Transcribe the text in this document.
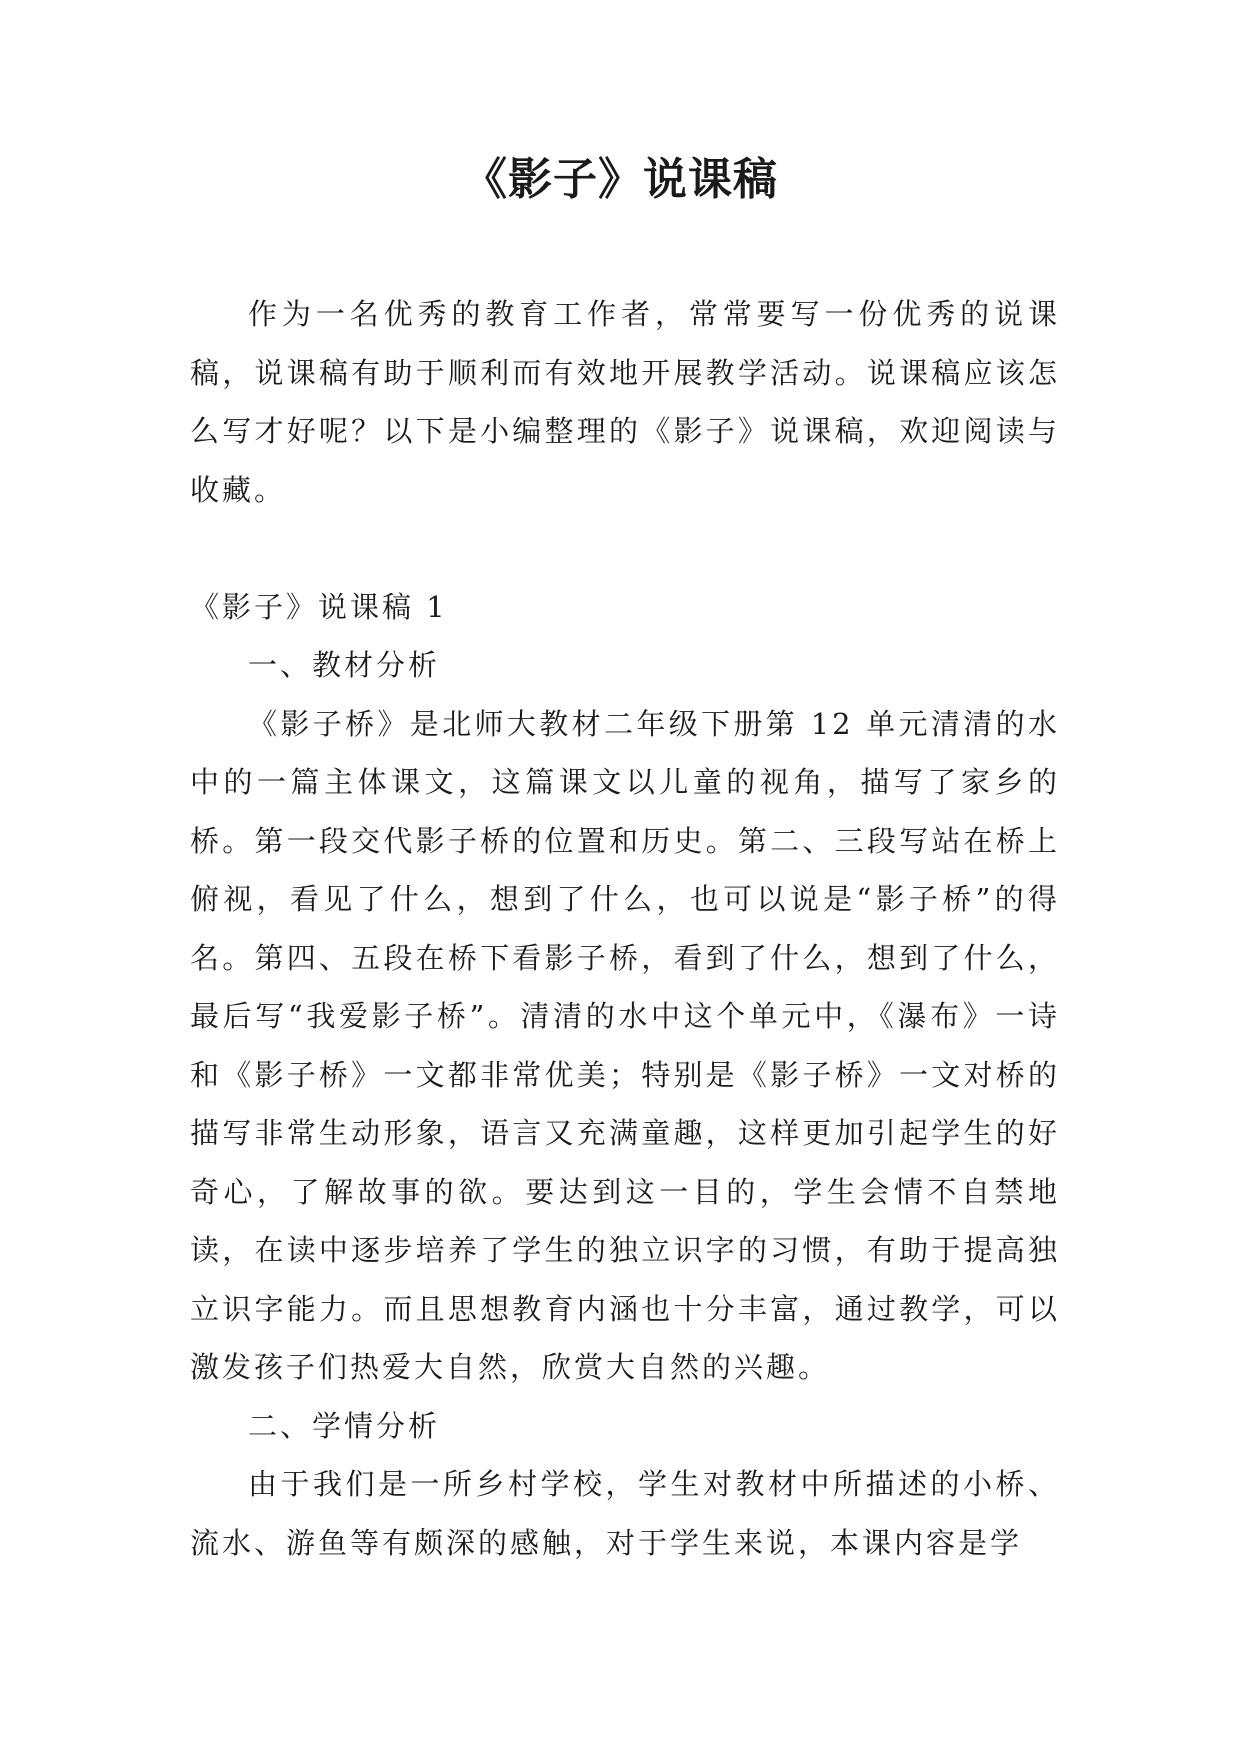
《影子》说课稿

作为一名优秀的教育工作者，常常要写一份优秀的说课稿，说课稿有助于顺利而有效地开展教学活动。说课稿应该怎么写才好呢？以下是小编整理的《影子》说课稿，欢迎阅读与收藏。

《影子》说课稿 1

一、教材分析

《影子桥》是北师大教材二年级下册第 12 单元清清的水中的一篇主体课文，这篇课文以儿童的视角，描写了家乡的桥。第一段交代影子桥的位置和历史。第二、三段写站在桥上俯视，看见了什么，想到了什么，也可以说是“影子桥”的得名。第四、五段在桥下看影子桥，看到了什么，想到了什么，最后写“我爱影子桥”。清清的水中这个单元中，《瀑布》一诗和《影子桥》一文都非常优美；特别是《影子桥》一文对桥的描写非常生动形象，语言又充满童趣，这样更加引起学生的好奇心，了解故事的欲。要达到这一目的，学生会情不自禁地读，在读中逐步培养了学生的独立识字的习惯，有助于提高独立识字能力。而且思想教育内涵也十分丰富，通过教学，可以激发孩子们热爱大自然，欣赏大自然的兴趣。

二、学情分析

由于我们是一所乡村学校，学生对教材中所描述的小桥、流水、游鱼等有颇深的感触，对于学生来说，本课内容是学
